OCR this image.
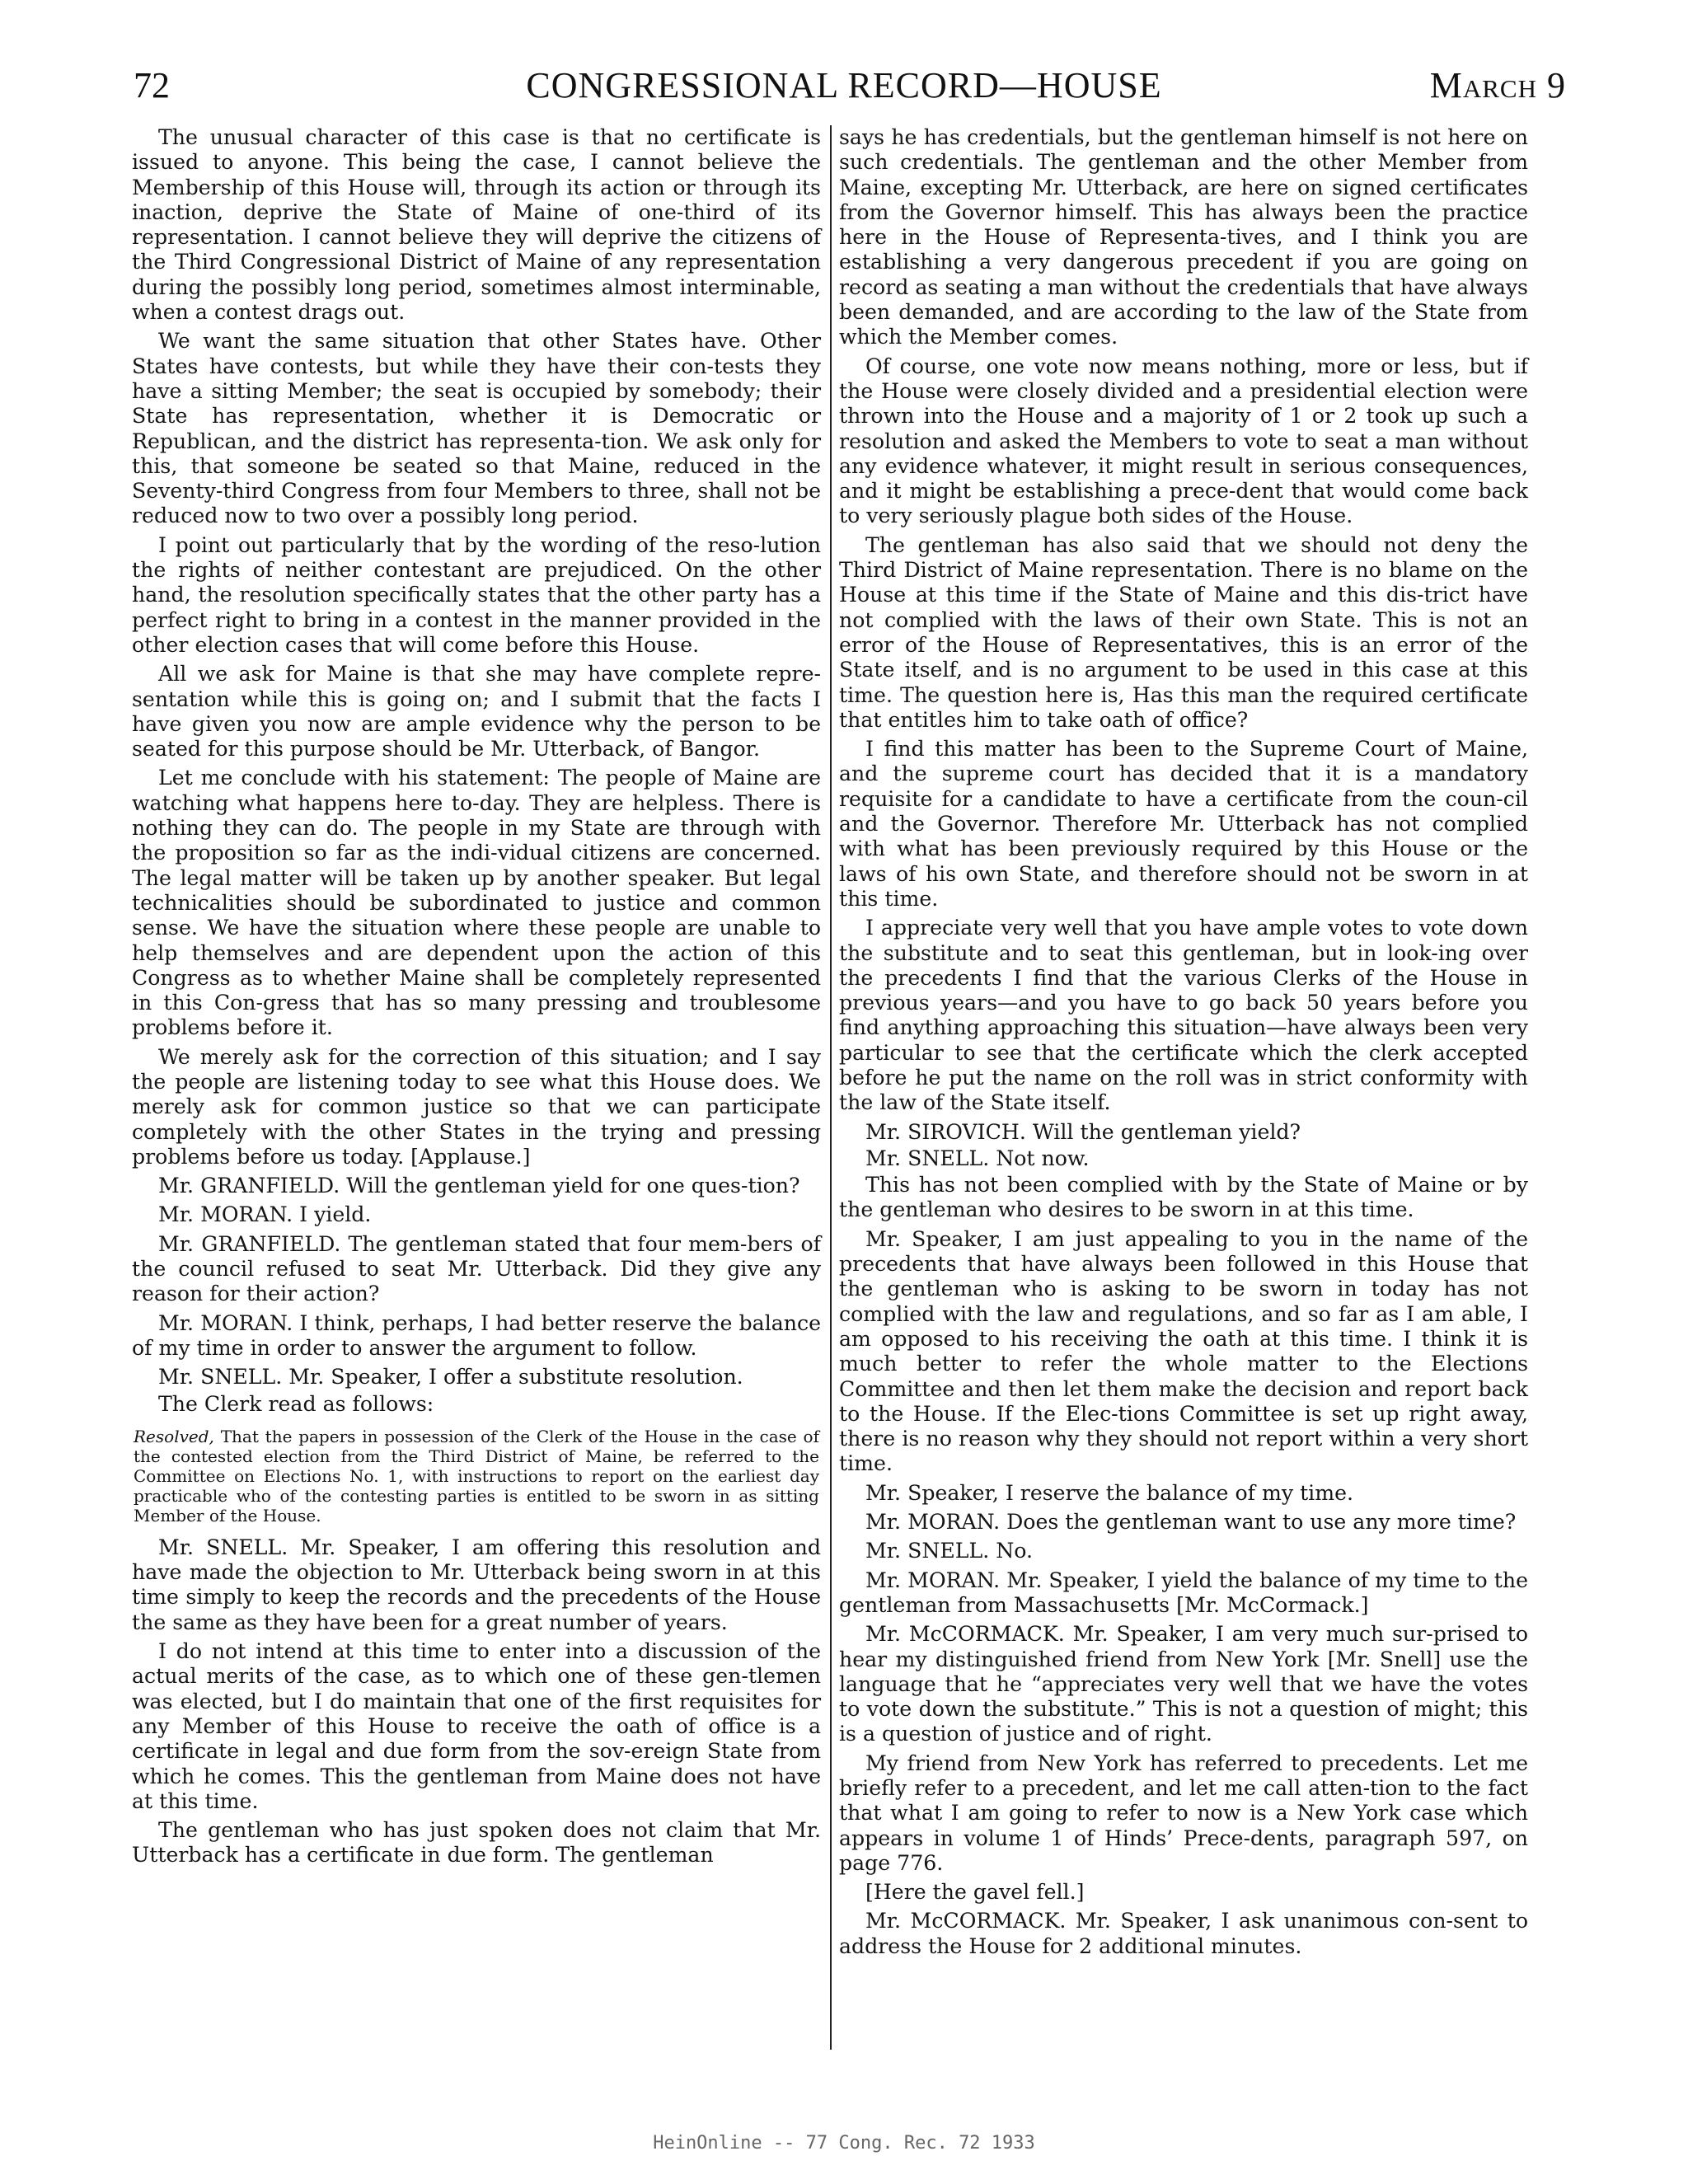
72	CONGRESSIONAL RECORD—HOUSE	March 9

The unusual character of this case is that no certificate is issued to anyone. This being the case, I cannot believe the Membership of this House will, through its action or through its inaction, deprive the State of Maine of one-third of its representation. I cannot believe they will deprive the citizens of the Third Congressional District of Maine of any representation during the possibly long period, sometimes almost interminable, when a contest drags out.

We want the same situation that other States have. Other States have contests, but while they have their con-tests they have a sitting Member; the seat is occupied by somebody; their State has representation, whether it is Democratic or Republican, and the district has representa-tion. We ask only for this, that someone be seated so that Maine, reduced in the Seventy-third Congress from four Members to three, shall not be reduced now to two over a possibly long period.

I point out particularly that by the wording of the reso-lution the rights of neither contestant are prejudiced. On the other hand, the resolution specifically states that the other party has a perfect right to bring in a contest in the manner provided in the other election cases that will come before this House.

All we ask for Maine is that she may have complete repre-sentation while this is going on; and I submit that the facts I have given you now are ample evidence why the person to be seated for this purpose should be Mr. Utterback, of Bangor.

Let me conclude with his statement: The people of Maine are watching what happens here to-day. They are helpless. There is nothing they can do. The people in my State are through with the proposition so far as the indi-vidual citizens are concerned. The legal matter will be taken up by another speaker. But legal technicalities should be subordinated to justice and common sense. We have the situation where these people are unable to help themselves and are dependent upon the action of this Congress as to whether Maine shall be completely represented in this Con-gress that has so many pressing and troublesome problems before it.

We merely ask for the correction of this situation; and I say the people are listening today to see what this House does. We merely ask for common justice so that we can participate completely with the other States in the trying and pressing problems before us today. [Applause.]

Mr. GRANFIELD. Will the gentleman yield for one ques-tion?

Mr. MORAN. I yield.

Mr. GRANFIELD. The gentleman stated that four mem-bers of the council refused to seat Mr. Utterback. Did they give any reason for their action?

Mr. MORAN. I think, perhaps, I had better reserve the balance of my time in order to answer the argument to follow.

Mr. SNELL. Mr. Speaker, I offer a substitute resolution.

The Clerk read as follows:

Resolved, That the papers in possession of the Clerk of the House in the case of the contested election from the Third District of Maine, be referred to the Committee on Elections No. 1, with instructions to report on the earliest day practicable who of the contesting parties is entitled to be sworn in as sitting Member of the House.

Mr. SNELL. Mr. Speaker, I am offering this resolution and have made the objection to Mr. Utterback being sworn in at this time simply to keep the records and the precedents of the House the same as they have been for a great number of years.

I do not intend at this time to enter into a discussion of the actual merits of the case, as to which one of these gen-tlemen was elected, but I do maintain that one of the first requisites for any Member of this House to receive the oath of office is a certificate in legal and due form from the sov-ereign State from which he comes. This the gentleman from Maine does not have at this time.

The gentleman who has just spoken does not claim that Mr. Utterback has a certificate in due form. The gentleman

says he has credentials, but the gentleman himself is not here on such credentials. The gentleman and the other Member from Maine, excepting Mr. Utterback, are here on signed certificates from the Governor himself. This has always been the practice here in the House of Representa-tives, and I think you are establishing a very dangerous precedent if you are going on record as seating a man without the credentials that have always been demanded, and are according to the law of the State from which the Member comes.

Of course, one vote now means nothing, more or less, but if the House were closely divided and a presidential election were thrown into the House and a majority of 1 or 2 took up such a resolution and asked the Members to vote to seat a man without any evidence whatever, it might result in serious consequences, and it might be establishing a prece-dent that would come back to very seriously plague both sides of the House.

The gentleman has also said that we should not deny the Third District of Maine representation. There is no blame on the House at this time if the State of Maine and this dis-trict have not complied with the laws of their own State. This is not an error of the House of Representatives, this is an error of the State itself, and is no argument to be used in this case at this time. The question here is, Has this man the required certificate that entitles him to take oath of office?

I find this matter has been to the Supreme Court of Maine, and the supreme court has decided that it is a mandatory requisite for a candidate to have a certificate from the coun-cil and the Governor. Therefore Mr. Utterback has not complied with what has been previously required by this House or the laws of his own State, and therefore should not be sworn in at this time.

I appreciate very well that you have ample votes to vote down the substitute and to seat this gentleman, but in look-ing over the precedents I find that the various Clerks of the House in previous years—and you have to go back 50 years before you find anything approaching this situation—have always been very particular to see that the certificate which the clerk accepted before he put the name on the roll was in strict conformity with the law of the State itself.

Mr. SIROVICH. Will the gentleman yield?

Mr. SNELL. Not now.

This has not been complied with by the State of Maine or by the gentleman who desires to be sworn in at this time.

Mr. Speaker, I am just appealing to you in the name of the precedents that have always been followed in this House that the gentleman who is asking to be sworn in today has not complied with the law and regulations, and so far as I am able, I am opposed to his receiving the oath at this time. I think it is much better to refer the whole matter to the Elections Committee and then let them make the decision and report back to the House. If the Elec-tions Committee is set up right away, there is no reason why they should not report within a very short time.

Mr. Speaker, I reserve the balance of my time.

Mr. MORAN. Does the gentleman want to use any more time?

Mr. SNELL. No.

Mr. MORAN. Mr. Speaker, I yield the balance of my time to the gentleman from Massachusetts [Mr. McCormack.]

Mr. McCORMACK. Mr. Speaker, I am very much sur-prised to hear my distinguished friend from New York [Mr. Snell] use the language that he “appreciates very well that we have the votes to vote down the substitute.” This is not a question of might; this is a question of justice and of right.

My friend from New York has referred to precedents. Let me briefly refer to a precedent, and let me call atten-tion to the fact that what I am going to refer to now is a New York case which appears in volume 1 of Hinds’ Prece-dents, paragraph 597, on page 776.

[Here the gavel fell.]

Mr. McCORMACK. Mr. Speaker, I ask unanimous con-sent to address the House for 2 additional minutes.

HeinOnline -- 77 Cong. Rec. 72 1933
